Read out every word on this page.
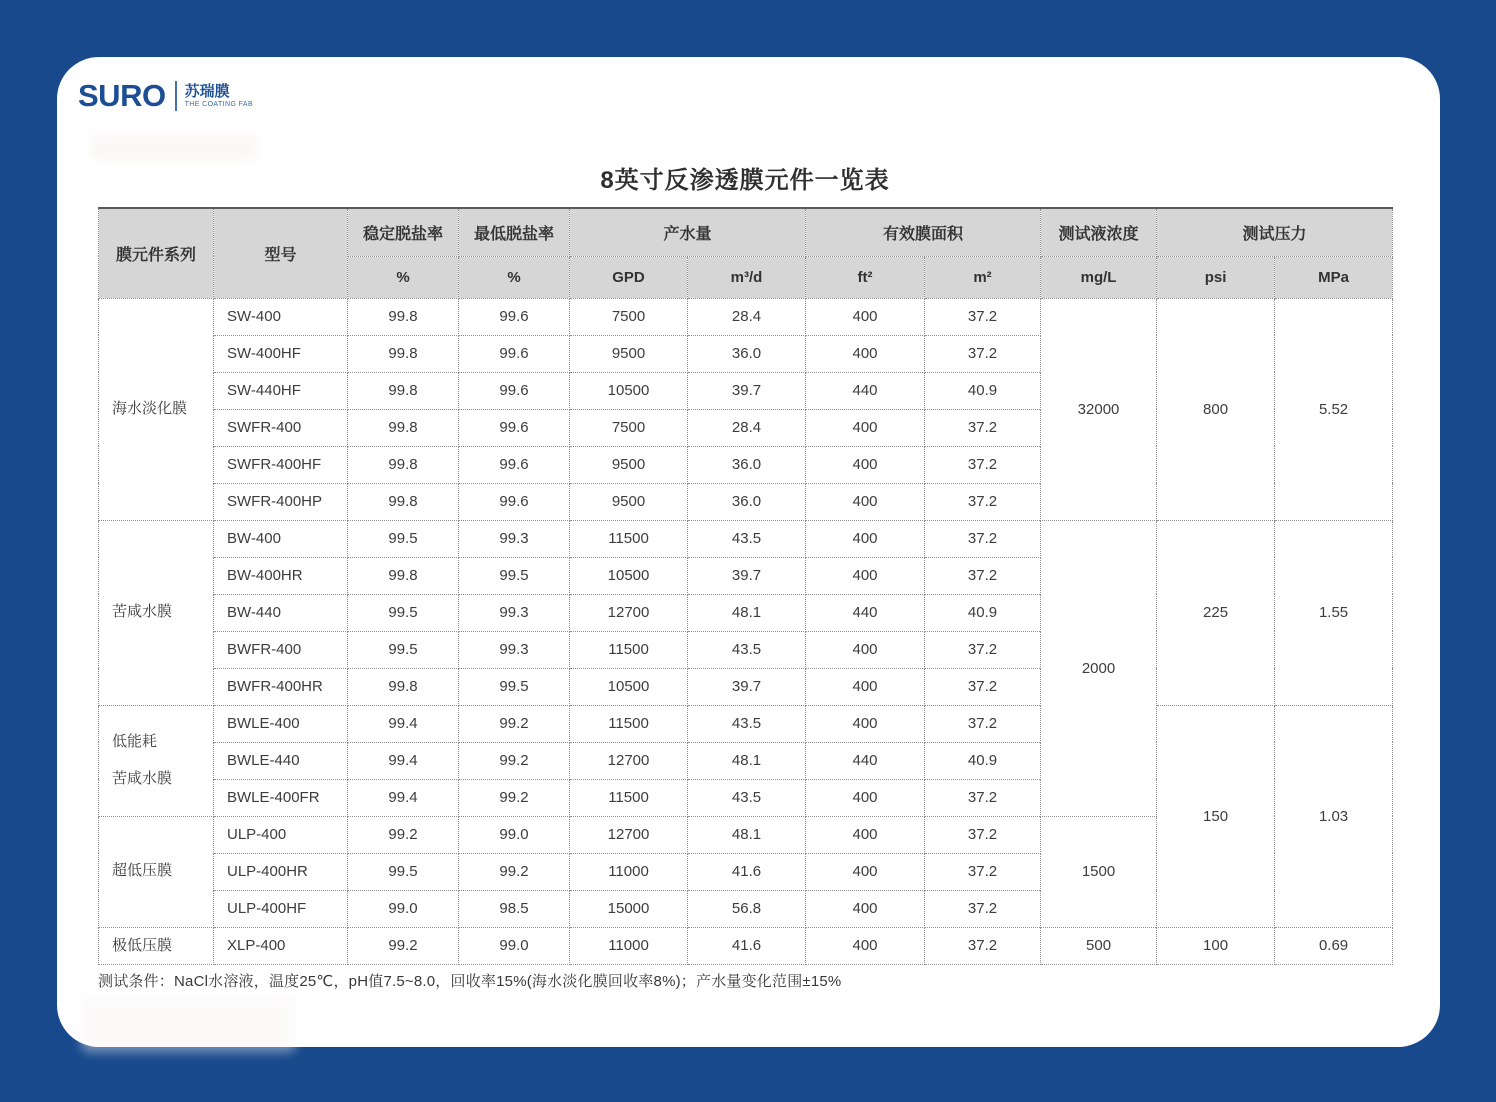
SURO 苏瑞膜
THE COATING FAB
8英寸反渗透膜元件一览表
膜元件系列	型号	稳定脱盐率	最低脱盐率	产水量		有效膜面积		测试液浓度	测试压力	
		%	%	GPD	m³/d	ft²	m²	mg/L	psi	MPa

海水淡化膜	SW-400	99.8	99.6	7500	28.4	400	37.2	32000	800	5.52
	SW-400HF	99.8	99.6	9500	36.0	400	37.2			
	SW-440HF	99.8	99.6	10500	39.7	440	40.9			
	SWFR-400	99.8	99.6	7500	28.4	400	37.2			
	SWFR-400HF	99.8	99.6	9500	36.0	400	37.2			
	SWFR-400HP	99.8	99.6	9500	36.0	400	37.2			

苦咸水膜	BW-400	99.5	99.3	11500	43.5	400	37.2	2000	225	1.55
	BW-400HR	99.8	99.5	10500	39.7	400	37.2			
	BW-440	99.5	99.3	12700	48.1	440	40.9			
	BWFR-400	99.5	99.3	11500	43.5	400	37.2			
	BWFR-400HR	99.8	99.5	10500	39.7	400	37.2			

低能耗
苦咸水膜	BWLE-400	99.4	99.2	11500	43.5	400	37.2		150	1.03
	BWLE-440	99.4	99.2	12700	48.1	440	40.9			
	BWLE-400FR	99.4	99.2	11500	43.5	400	37.2			

超低压膜	ULP-400	99.2	99.0	12700	48.1	400	37.2	1500		
	ULP-400HR	99.5	99.2	11000	41.6	400	37.2			
	ULP-400HF	99.0	98.5	15000	56.8	400	37.2			

极低压膜	XLP-400	99.2	99.0	11000	41.6	400	37.2	500	100	0.69

测试条件：NaCl水溶液，温度25℃，pH值7.5~8.0，回收率15%(海水淡化膜回收率8%)；产水量变化范围±15%
